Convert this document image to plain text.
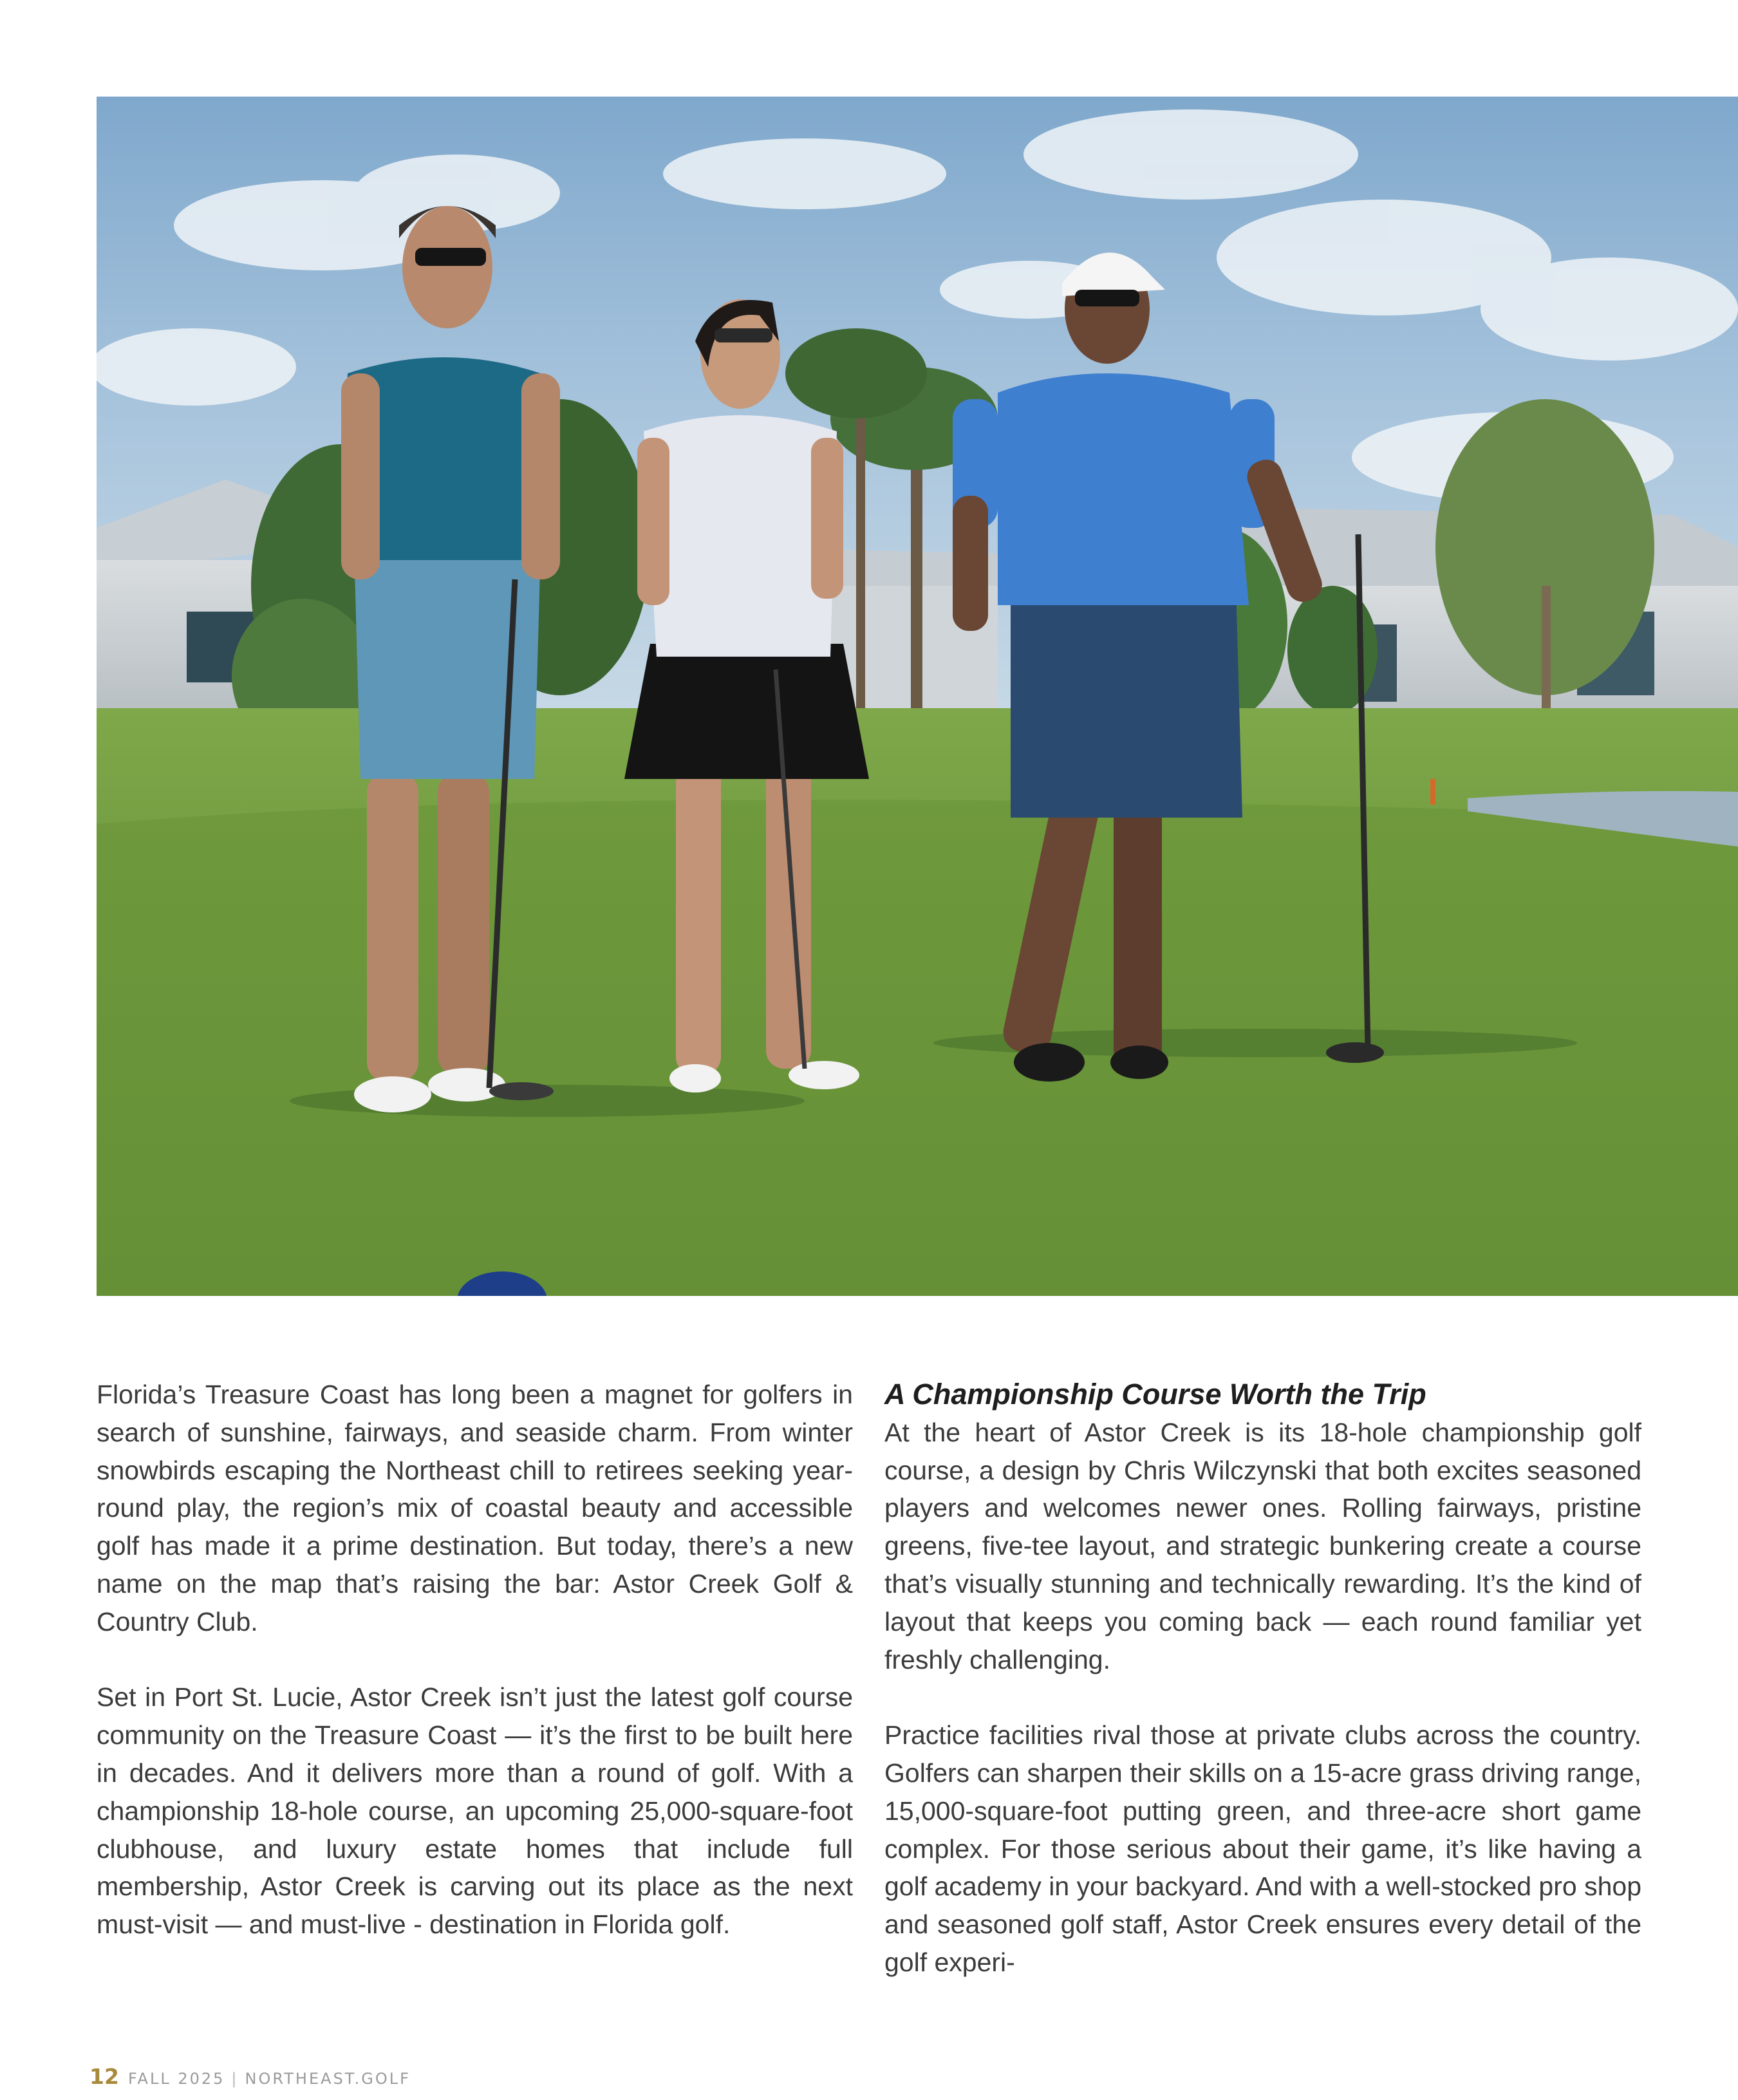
Florida’s Treasure Coast has long been a magnet for golfers in search of sunshine, fairways, and seaside charm. From winter snowbirds escaping the Northeast chill to retirees seeking year-round play, the region’s mix of coastal beauty and accessible golf has made it a prime destination. But today, there’s a new name on the map that’s raising the bar: Astor Creek Golf & Country Club.

Set in Port St. Lucie, Astor Creek isn’t just the latest golf course community on the Treasure Coast — it’s the first to be built here in decades. And it delivers more than a round of golf. With a championship 18-hole course, an upcoming 25,000-square-foot clubhouse, and luxury estate homes that include full membership, Astor Creek is carving out its place as the next must-visit — and must-live - destination in Florida golf.

A Championship Course Worth the Trip

At the heart of Astor Creek is its 18-hole championship golf course, a design by Chris Wilczynski that both excites seasoned players and welcomes newer ones. Rolling fairways, pristine greens, five-tee layout, and strategic bunkering create a course that’s visually stunning and technically rewarding. It’s the kind of layout that keeps you coming back — each round familiar yet freshly challenging.

Practice facilities rival those at private clubs across the country. Golfers can sharpen their skills on a 15-acre grass driving range, 15,000-square-foot putting green, and three-acre short game complex. For those serious about their game, it’s like having a golf academy in your backyard. And with a well-stocked pro shop and seasoned golf staff, Astor Creek ensures every detail of the golf experi-

12 FALL 2025 | NORTHEAST.GOLF
